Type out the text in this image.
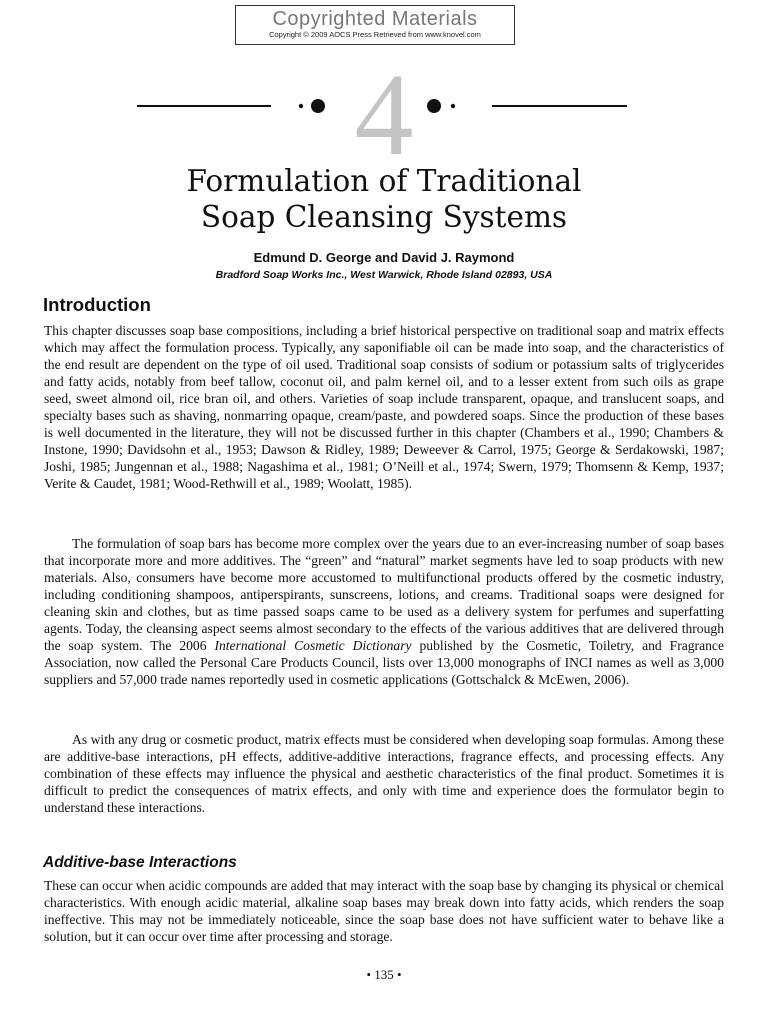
Copyrighted Materials
Copyright © 2009 AOCS Press Retrieved from www.knovel.com
4
Formulation of Traditional
Soap Cleansing Systems
Edmund D. George and David J. Raymond
Bradford Soap Works Inc., West Warwick, Rhode Island 02893, USA
Introduction

This chapter discusses soap base compositions, including a brief historical perspective on traditional soap and matrix effects which may affect the formulation process. Typically, any saponifiable oil can be made into soap, and the characteristics of the end result are dependent on the type of oil used. Traditional soap consists of sodium or potassium salts of triglycerides and fatty acids, notably from beef tallow, coconut oil, and palm kernel oil, and to a lesser extent from such oils as grape seed, sweet almond oil, rice bran oil, and others. Varieties of soap include transparent, opaque, and translucent soaps, and specialty bases such as shaving, nonmarring opaque, cream/paste, and powdered soaps. Since the production of these bases is well documented in the literature, they will not be discussed further in this chapter (Chambers et al., 1990; Chambers & Instone, 1990; Davidsohn et al., 1953; Dawson & Ridley, 1989; Deweever & Carrol, 1975; George & Serdakowski, 1987; Joshi, 1985; Jungennan et al., 1988; Nagashima et al., 1981; O’Neill et al., 1974; Swern, 1979; Thomsenn & Kemp, 1937; Verite & Caudet, 1981; Wood-Rethwill et al., 1989; Woolatt, 1985).

The formulation of soap bars has become more complex over the years due to an ever-increasing number of soap bases that incorporate more and more additives. The “green” and “natural” market segments have led to soap products with new materials. Also, consumers have become more accustomed to multifunctional products offered by the cosmetic industry, including conditioning shampoos, antiperspirants, sunscreens, lotions, and creams. Traditional soaps were designed for cleaning skin and clothes, but as time passed soaps came to be used as a delivery system for perfumes and superfatting agents. Today, the cleansing aspect seems almost secondary to the effects of the various additives that are delivered through the soap system. The 2006 International Cosmetic Dictionary published by the Cosmetic, Toiletry, and Fragrance Association, now called the Personal Care Products Council, lists over 13,000 monographs of INCI names as well as 3,000 suppliers and 57,000 trade names reportedly used in cosmetic applications (Gottschalck & McEwen, 2006).

As with any drug or cosmetic product, matrix effects must be considered when developing soap formulas. Among these are additive-base interactions, pH effects, additive-additive interactions, fragrance effects, and processing effects. Any combination of these effects may influence the physical and aesthetic characteristics of the final product. Sometimes it is difficult to predict the consequences of matrix effects, and only with time and experience does the formulator begin to understand these interactions.

Additive-base Interactions

These can occur when acidic compounds are added that may interact with the soap base by changing its physical or chemical characteristics. With enough acidic material, alkaline soap bases may break down into fatty acids, which renders the soap ineffective. This may not be immediately noticeable, since the soap base does not have sufficient water to behave like a solution, but it can occur over time after processing and storage.

• 135 •
